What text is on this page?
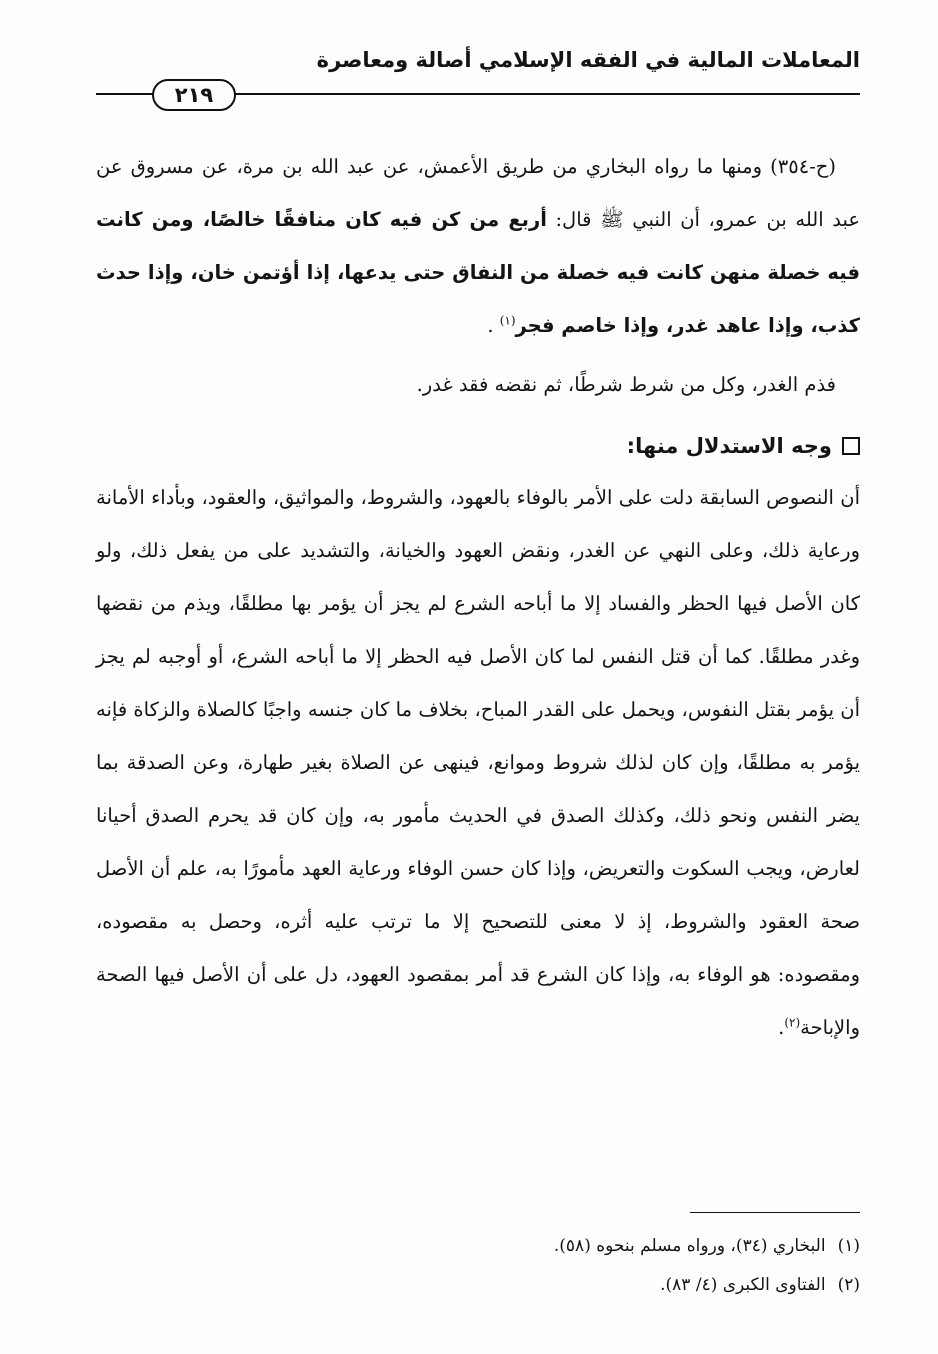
المعاملات المالية في الفقه الإسلامي أصالة ومعاصرة
٢١٩

(ح-٣٥٤) ومنها ما رواه البخاري من طريق الأعمش، عن عبد الله بن مرة، عن مسروق عن عبد الله بن عمرو، أن النبي ﷺ قال: أربع من كن فيه كان منافقًا خالصًا، ومن كانت فيه خصلة منهن كانت فيه خصلة من النفاق حتى يدعها، إذا أؤتمن خان، وإذا حدث كذب، وإذا عاهد غدر، وإذا خاصم فجر$^{(١)}$ .

فذم الغدر، وكل من شرط شرطًا، ثم نقضه فقد غدر.

وجه الاستدلال منها:

أن النصوص السابقة دلت على الأمر بالوفاء بالعهود، والشروط، والمواثيق، والعقود، وبأداء الأمانة ورعاية ذلك، وعلى النهي عن الغدر، ونقض العهود والخيانة، والتشديد على من يفعل ذلك، ولو كان الأصل فيها الحظر والفساد إلا ما أباحه الشرع لم يجز أن يؤمر بها مطلقًا، ويذم من نقضها وغدر مطلقًا. كما أن قتل النفس لما كان الأصل فيه الحظر إلا ما أباحه الشرع، أو أوجبه لم يجز أن يؤمر بقتل النفوس، ويحمل على القدر المباح، بخلاف ما كان جنسه واجبًا كالصلاة والزكاة فإنه يؤمر به مطلقًا، وإن كان لذلك شروط وموانع، فينهى عن الصلاة بغير طهارة، وعن الصدقة بما يضر النفس ونحو ذلك، وكذلك الصدق في الحديث مأمور به، وإن كان قد يحرم الصدق أحيانا لعارض، ويجب السكوت والتعريض، وإذا كان حسن الوفاء ورعاية العهد مأمورًا به، علم أن الأصل صحة العقود والشروط، إذ لا معنى للتصحيح إلا ما ترتب عليه أثره، وحصل به مقصوده، ومقصوده: هو الوفاء به، وإذا كان الشرع قد أمر بمقصود العهود، دل على أن الأصل فيها الصحة والإباحة$^{(٢)}$.

(١)البخاري (٣٤)، ورواه مسلم بنحوه (٥٨).
(٢)الفتاوى الكبرى (٤/ ٨٣).
